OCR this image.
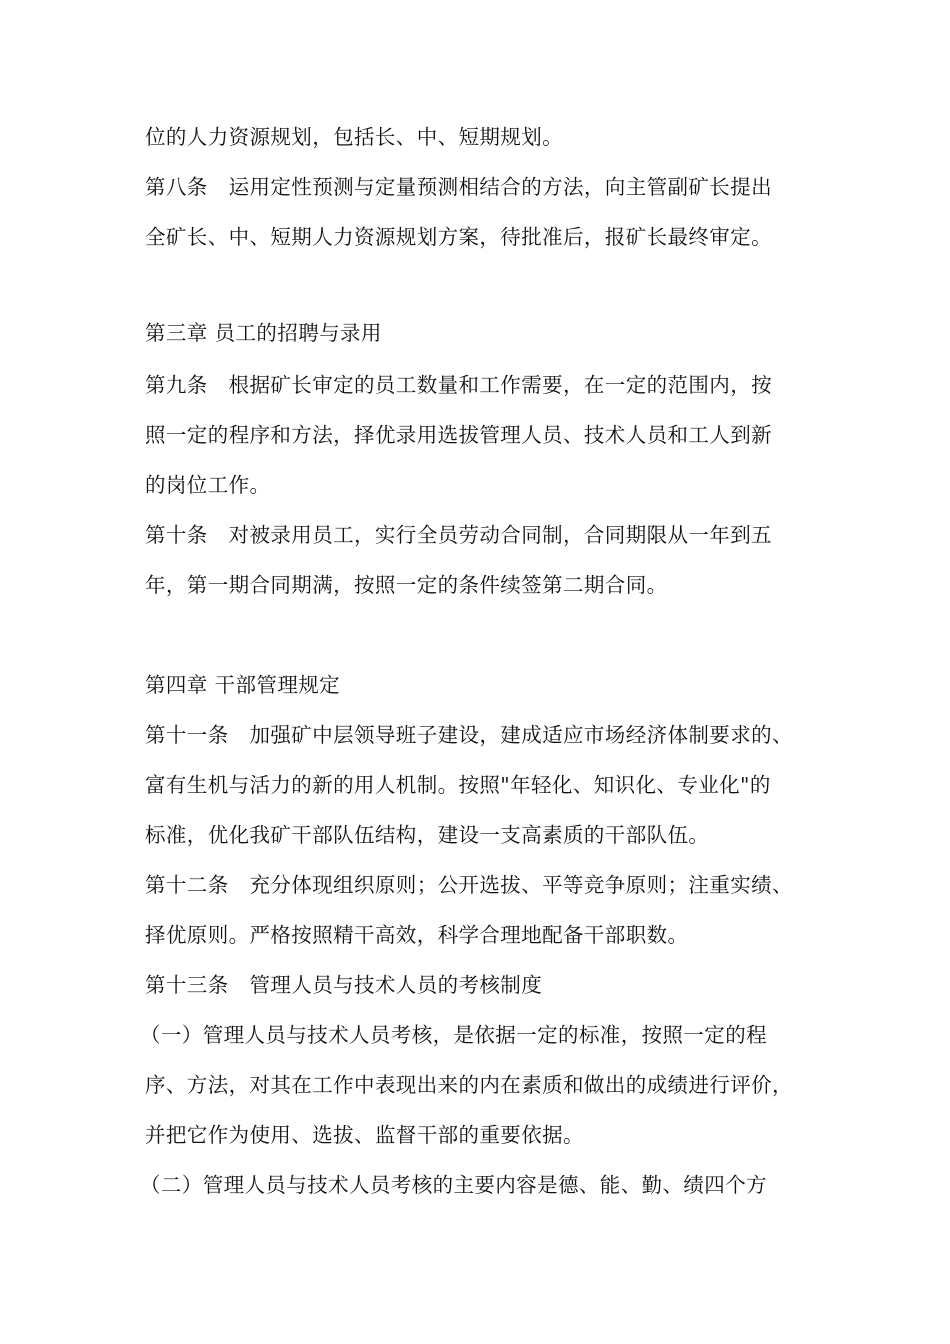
位的人力资源规划，包括长、中、短期规划。
第八条　运用定性预测与定量预测相结合的方法，向主管副矿长提出
全矿长、中、短期人力资源规划方案，待批准后，报矿长最终审定。
第三章 员工的招聘与录用
第九条　根据矿长审定的员工数量和工作需要，在一定的范围内，按
照一定的程序和方法，择优录用选拔管理人员、技术人员和工人到新
的岗位工作。
第十条　对被录用员工，实行全员劳动合同制，合同期限从一年到五
年，第一期合同期满，按照一定的条件续签第二期合同。
第四章 干部管理规定
第十一条　加强矿中层领导班子建设，建成适应市场经济体制要求的、
富有生机与活力的新的用人机制。按照"年轻化、知识化、专业化"的
标准，优化我矿干部队伍结构，建设一支高素质的干部队伍。
第十二条　充分体现组织原则；公开选拔、平等竞争原则；注重实绩、
择优原则。严格按照精干高效，科学合理地配备干部职数。
第十三条　管理人员与技术人员的考核制度
（一）管理人员与技术人员考核，是依据一定的标准，按照一定的程
序、方法，对其在工作中表现出来的内在素质和做出的成绩进行评价，
并把它作为使用、选拔、监督干部的重要依据。
（二）管理人员与技术人员考核的主要内容是德、能、勤、绩四个方
